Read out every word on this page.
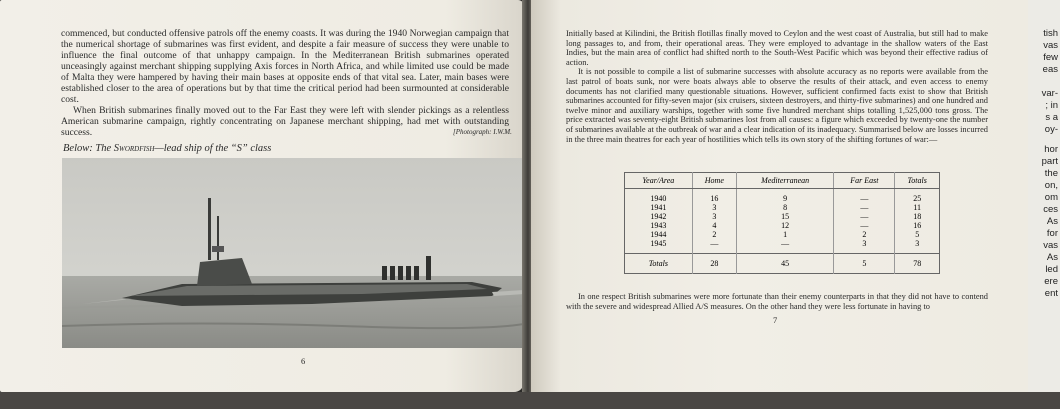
commenced, but conducted offensive patrols off the enemy coasts. It was during the 1940 Norwegian campaign that the numerical shortage of submarines was first evident, and despite a fair measure of success they were unable to influence the final outcome of that unhappy campaign. In the Mediterranean British submarines operated unceasingly against merchant shipping supplying Axis forces in North Africa, and while limited use could be made of Malta they were hampered by having their main bases at opposite ends of that vital sea. Later, main bases were established closer to the area of operations but by that time the critical period had been surmounted at considerable cost.

When British submarines finally moved out to the Far East they were left with slender pickings as a relentless American submarine campaign, rightly concentrating on Japanese merchant shipping, had met with outstanding success.	[Photograph: I.W.M.
Below: The Swordfish—lead ship of the “S” class
6

Initially based at Kilindini, the British flotillas finally moved to Ceylon and the west coast of Australia, but still had to make long passages to, and from, their operational areas. They were employed to advantage in the shallow waters of the East Indies, but the main area of conflict had shifted north to the South-West Pacific which was beyond their effective radius of action.

It is not possible to compile a list of submarine successes with absolute accuracy as no reports were available from the last patrol of boats sunk, nor were boats always able to observe the results of their attack, and even access to enemy documents has not clarified many questionable situations. However, sufficient confirmed facts exist to show that British submarines accounted for fifty-seven major (six cruisers, sixteen destroyers, and thirty-five submarines) and one hundred and twelve minor and auxiliary warships, together with some five hundred merchant ships totalling 1,525,000 tons gross. The price extracted was seventy-eight British submarines lost from all causes: a figure which exceeded by twenty-one the number of submarines available at the outbreak of war and a clear indication of its inadequacy. Summarised below are losses incurred in the three main theatres for each year of hostilities which tells its own story of the shifting fortunes of war:—

In one respect British submarines were more fortunate than their enemy counterparts in that they did not have to contend with the severe and widespread Allied A/S measures. On the other hand they were less fortunate in having to

7
Year/Area	Home	Mediterranean	Far East	Totals
1940	16	9	—	25
1941	3	8	—	11
1942	3	15	—	18
1943	4	12	—	16
1944	2	1	2	5
1945	—	—	3	3
Totals	28	45	5	78
tish
vas
few
eas
var-
; in
s a
oy-
hor
part
the
on,
om
ces
As
for
vas
As
led
ere
ent
